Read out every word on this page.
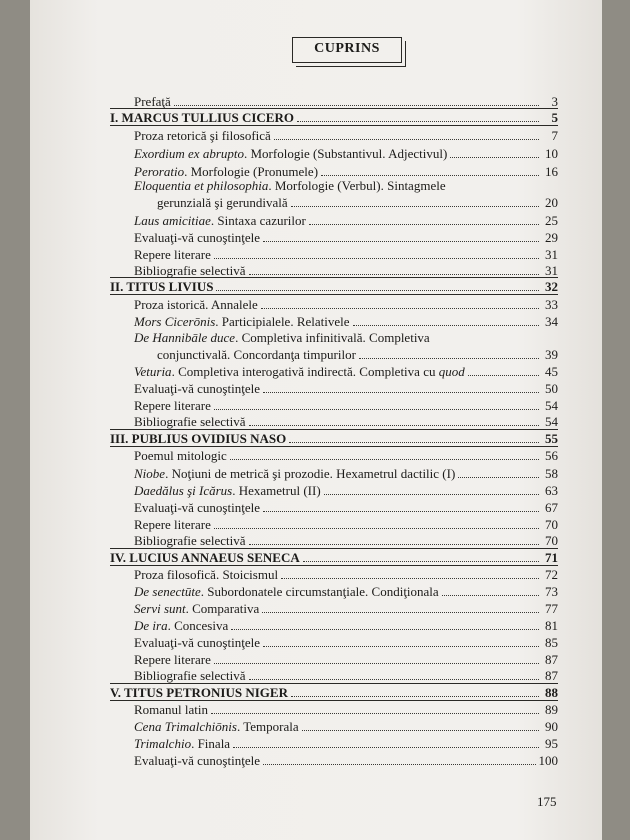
CUPRINS
Prefaţă	3
I. MARCUS TULLIUS CICERO	5
Proza retorică şi filosofică	7
Exordium ex abrupto. Morfologie (Substantivul. Adjectivul)	10
Peroratio. Morfologie (Pronumele)	16
Eloquentia et philosophia. Morfologie (Verbul). Sintagmele
gerunzială şi gerundivală	20
Laus amicitiae. Sintaxa cazurilor	25
Evaluaţi-vă cunoştinţele	29
Repere literare	31
Bibliografie selectivă	31
II. TITUS LIVIUS	32
Proza istorică. Annalele	33
Mors Cicerōnis. Participialele. Relativele	34
De Hannibāle duce. Completiva infinitivală. Completiva
conjunctivală. Concordanţa timpurilor	39
Veturia. Completiva interogativă indirectă. Completiva cu quod	45
Evaluaţi-vă cunoştinţele	50
Repere literare	54
Bibliografie selectivă	54
III. PUBLIUS OVIDIUS NASO	55
Poemul mitologic	56
Niobe. Noţiuni de metrică şi prozodie. Hexametrul dactilic (I)	58
Daedălus şi Icărus. Hexametrul (II)	63
Evaluaţi-vă cunoştinţele	67
Repere literare	70
Bibliografie selectivă	70
IV. LUCIUS ANNAEUS SENECA	71
Proza filosofică. Stoicismul	72
De senectūte. Subordonatele circumstanţiale. Condiţionala	73
Servi sunt. Comparativa	77
De ira. Concesiva	81
Evaluaţi-vă cunoştinţele	85
Repere literare	87
Bibliografie selectivă	87
V. TITUS PETRONIUS NIGER	88
Romanul latin	89
Cena Trimalchiōnis. Temporala	90
Trimalchio. Finala	95
Evaluaţi-vă cunoştinţele	100
175
